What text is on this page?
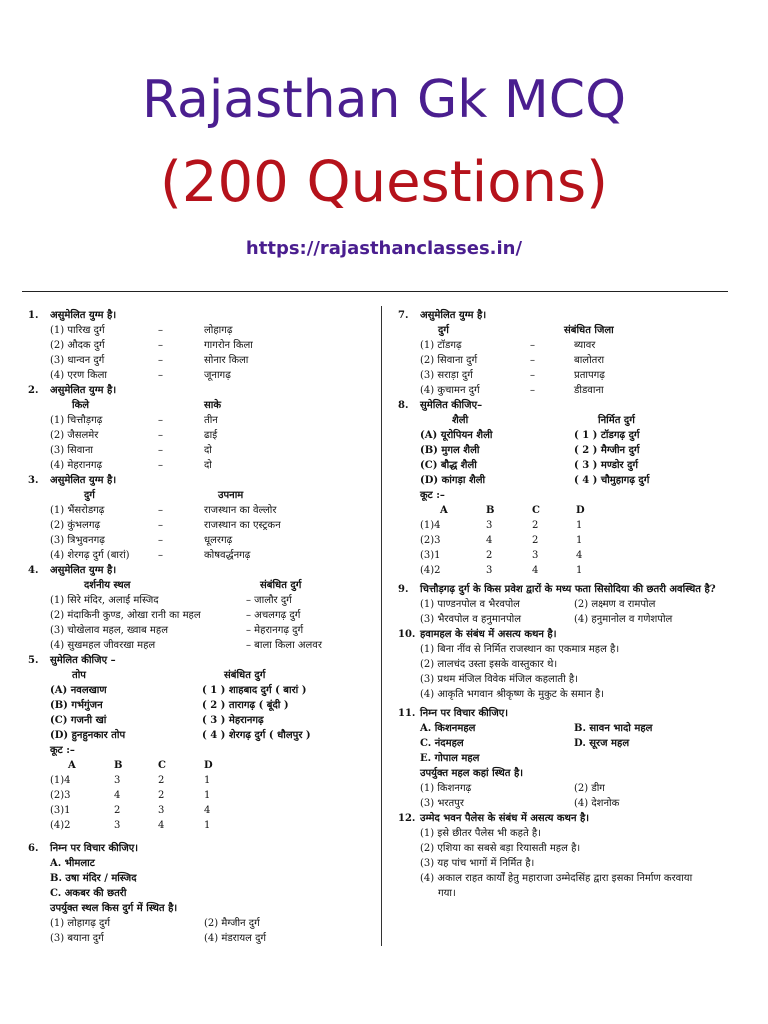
Rajasthan Gk MCQ
(200 Questions)
https://rajasthanclasses.in/
1.	असुमेलित युग्म है।
(1) पारिख दुर्ग	–	लोहागढ़
(2) औदक दुर्ग	–	गागरोन किला
(3) धान्वन दुर्ग	–	सोनार किला
(4) एरण किला	–	जूनागढ़
2.	असुमेलित युग्म है।
किले	साके
(1) चित्तौड़गढ़	–	तीन
(2) जैसलमेर	–	ढाई
(3) सिवाना	–	दो
(4) मेहरानगढ़	–	दो
3.	असुमेलित युग्म है।
दुर्ग	उपनाम
(1) भैंसरोडगढ़	–	राजस्थान का वेल्लोर
(2) कुंभलगढ़	–	राजस्थान का एस्ट्रकन
(3) त्रिभुवनगढ़	–	धूलरगढ़
(4) शेरगढ़ दुर्ग (बारां)	–	कोषवर्द्धनगढ़
4.	असुमेलित युग्म है।
दर्शनीय स्थल	संबंधित दुर्ग
(1) सिरे मंदिर, अलाई मस्जिद	– जालौर दुर्ग
(2) मंदाकिनी कुण्ड, ओखा रानी का महल	– अचलगढ़ दुर्ग
(3) चोखेलाव महल, ख्वाब महल	– मेहरानगढ़ दुर्ग
(4) सुखमहल जीवरखा महल	– बाला किला अलवर
5.	सुमेलित कीजिए –
तोप	संबंधित दुर्ग
(A) नवलखाण	( 1 ) शाहबाद दुर्ग ( बारां )
(B) गर्भगुंजन	( 2 ) तारागढ़ ( बूंदी )
(C) गजनी खां	( 3 ) मेहरानगढ़
(D) हुनहुनकार तोप	( 4 ) शेरगढ़ दुर्ग ( धौलपुर )
कूट :–
A	B	C	D
(1)4	3	2	1
(2)3	4	2	1
(3)1	2	3	4
(4)2	3	4	1
6.	निम्न पर विचार कीजिए।
A. भीमलाट
B. उषा मंदिर / मस्जिद
C. अकबर की छतरी
उपर्युक्त स्थल किस दुर्ग में स्थित है।
(1) लोहागढ़ दुर्ग	(2) मैग्जीन दुर्ग
(3) बयाना दुर्ग	(4) मंडरायल दुर्ग
7.	असुमेलित युग्म है।
दुर्ग	संबंधित जिला
(1) टॉडगढ़	–	ब्यावर
(2) सिवाना दुर्ग	–	बालोतरा
(3) सराड़ा दुर्ग	–	प्रतापगढ़
(4) कुचामन दुर्ग	–	डीडवाना
8.	सुमेलित कीजिए–
शैली	निर्मित दुर्ग
(A) यूरोपियन शैली	( 1 ) टॉडगढ़ दुर्ग
(B) मुगल शैली	( 2 ) मैग्जीन दुर्ग
(C) बौद्ध शैली	( 3 ) मण्डोर दुर्ग
(D) कांगड़ा शैली	( 4 ) चौमुहागढ़ दुर्ग
कूट :–
A	B	C	D
(1)4	3	2	1
(2)3	4	2	1
(3)1	2	3	4
(4)2	3	4	1
9.	चित्तौड़गढ़ दुर्ग के किस प्रवेश द्वारों के मध्य फता सिसोदिया की छतरी अवस्थित है?
(1) पाण्डनपोल व भैरवपोल	(2) लक्ष्मण व रामपोल
(3) भैरवपोल व हनुमानपोल	(4) हनुमानोल व गणेशपोल
10. हवामहल के संबंध में असत्य कथन है।
(1) बिना नींव से निर्मित राजस्थान का एकमात्र महल है।
(2) लालचंद उस्ता इसके वास्तुकार थे।
(3) प्रथम मंजिल विवेक मंजिल कहलाती है।
(4) आकृति भगवान श्रीकृष्ण के मुकुट के समान है।
11. निम्न पर विचार कीजिए।
A. किशनमहल	B. सावन भादो महल
C. नंदमहल	D. सूरज महल
E. गोपाल महल
उपर्युक्त महल कहां स्थित है।
(1) किशनगढ़	(2) डीग
(3) भरतपुर	(4) देशनोक
12. उम्मेद भवन पैलेस के संबंध में असत्य कथन है।
(1) इसे छीतर पैलेस भी कहते है।
(2) एशिया का सबसे बड़ा रियासती महल है।
(3) यह पांच भागों में निर्मित है।
(4) अकाल राहत कार्यों हेतु महाराजा उम्मेदसिंह द्वारा इसका निर्माण करवाया
गया।
